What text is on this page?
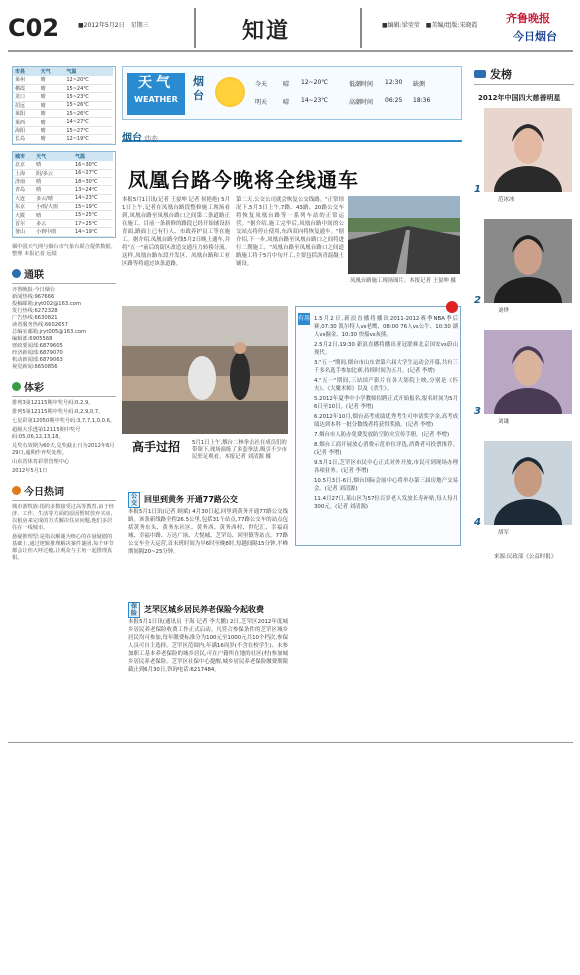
C02	■2012年5月2日　星期三	知道	■编辑:梁莹莹　■美编/组版:宋晓霞
齐鲁晚报
今日烟台
市县	天气	气温
莱州	晴	12~20℃
栖霞	晴	15~24℃
龙口	晴	15~23℃
招远	晴	15~26℃
莱阳	晴	15~26℃
莱西	晴	14~27℃
海阳	晴	15~27℃
长岛	晴	12~19℃
城市	天气	气温
北京	晴	16~30℃
上海	阴/多云	16~27℃
济南	晴	18~30℃
青岛	晴	13~24℃
大连	多云/晴	14~23℃
东京	小雨/大雨	15~19℃
大阪	晴	15~25℃
首尔	多云	17~25℃
釜山	小到中雨	14~19℃
烟中国天气网与烟台市气象台联合提供数据。整理 本报记者 远镜
通联
齐鲁晚报·今日烟台
新闻热线:967666
投稿邮箱:jryt002@163.com
发行热线:6272328
广告热线:6630821
读者服务热线:6602657
总编室邮箱:jryt005@163.com
编辑部:6905568
财政要闻部:6879605
经济新闻部:6879070
机动新闻部:6879063
视觉新闻:6650856
体彩
排列3第12115期中奖号码:0,2,9。
排列5第12115期中奖号码:0,2,9,0,7。
七星彩第12050期中奖号码:3,7,7,1,0,0,6。
超级大乐透第12115期中奖号码:05,06,12,13,18。
兑奖有效期为60天,兑奖截止日为2012年6月29日,逾期作弃奖处理。
山东省体育彩票管理中心
2012年5月1日
今日热词
城市游牧族:指的多数接受过高等教育,由于经济、工作、生活等方面的原因暂时放弃买房,以租房来完成的方式解决住房问题,他们多居住在一线城市。
悬疑推理型:是指以解谜为核心的在悬疑剧的基础上,通过逻辑推理解决案件谜团,每个环节都会让你大呼过瘾,让观众与主角一起推理真相。
天气
WEATHER
烟台
今天	晴 12~20℃
明天	晴 14~23℃
低潮时间 12:30 缺测
高潮时间 06:25 18:36
烟台 动态
凤凰台路今晚将全线通车
本报5月1日讯(记者 王晏坤 记者 侯艳艳) 5月1日上午,记者在凤凰台路段整修施工现场看到,凤凰台路至凤凰台路口之间第二条道路正在施工。目前一条新修的路段已经开始铺设沥青面,路面上已有行人、市政养护员工等在施工。据介绍,凤凰台路全线5月2日晚上通车,并将"五一"前后的街区改造交通压力转移分流。这样,凤凰台路东段开发区、凤凰台路和工业区路等将通过该条道路。
第二天,公交公司就会恢复公交线路。"正常情况下,5月3日上午,7路、43路、20路公交车将恢复凤凰台路等一系列车站的正常运营。"据介绍,施工完毕后,凤凰台路中间的公交站点将停止使用,东西双向将恢复通车。"据介绍,下一步,凤凰台路至凤凰台路口之间将进行二期施工。"凤凰台路至凤凰台路口之间道路施工将于5月中旬开工,主要包括沥青混凝土铺设。
凤凰台路施工现场图片。本报记者 王晏坤 摄
高手过招 5月1日上午,烟台二林拳击社在成员们的带领下,现场演练了多套拳法,吸引不少市民驻足观看。本报记者 刘清源 摄
公交 回里到黄务 开通77路公交
本报5月1日讯(记者 顾斌) 4月30日起,回里到黄务开通77路公交线路。该条新线路全程26.5公里,包括31个站点,77路公交车的站点包括黄务东头、黄务东社区、黄务西、黄务西村、世纪汇、幸福商城、幸福中路、万达广场、大悦城、芝罘岛、回里镇等站点。77路公交车全天运营,首末班时间为早6时至晚8时,每趟间隔15分钟,平峰期间隔20~25分钟。
保险 芝罘区城乡居民养老保险今起收费
本报5月1日讯(通讯员 于海 记者 李大鹏) 2日,芝罘区2012年度城乡居民养老保险收费工作正式启动。凡符合参保条件的芝罘区城乡居民均可参加,每年缴费标准分为100元至1000元共10个档次,参保人员可自主选择。芝罘区范围内,年满16周岁(不含在校学生)、未参加职工基本养老保险的城乡居民,可在户籍所在地的社区(村)参加城乡居民养老保险。芝罘区社保中心提醒,城乡居民养老保险缴费期限截止到6月30日,咨询电话:6217484。
有用 1.5月2日,新浪直播将播出2011-2012赛季NBA季后赛,07:30 凯尔特人vs老鹰、08:00 76人vs公牛、10:30 湖人vs掘金、10:30 快船vs灰熊。
2.5月2日,19:30 新浪直播将播出亚冠联赛北京国安vs蔚山现代。
3."五一"期间,烟台市山东省第六届大学生运动会开幕,共有三千多名选手参加比赛,持续时间为五月。(记者 李增)
4."五一"期间,三站国产影片在各大影院上映,分别是《匹夫》、《大魔术师》以及《杀生》。
5.2012年夏季中小学教师招聘正式开始报名,报名时间为5月6日至10日。(记者 李增)
6.2012年10月,烟台高考成绩优秀考生可申请奖学金,高考成绩达到本科一批分数线者将获得奖励。(记者 李增)
7.烟台市人防办免费发放防空防灾宣传手册。(记者 李增)
8.烟台工商开展放心消费示范单位评选,消费者可投票推荐。(记者 李增)
9.5月1日,芝罘区市民中心正式对外开放,市民可到现场办理各项业务。(记者 李增)
10.5月3日-6日,烟台国际会展中心将举办第三届房地产交易会。(记者 刘清源)
11.4月27日,莱山区为57位百岁老人发放长寿补贴,每人每月300元。(记者 刘清源)
发榜
2012年中国四大慈善明星
1
范冰冰
2
刘烨
3
刘谦
4
胡军
来源:民政部《公益时报》
